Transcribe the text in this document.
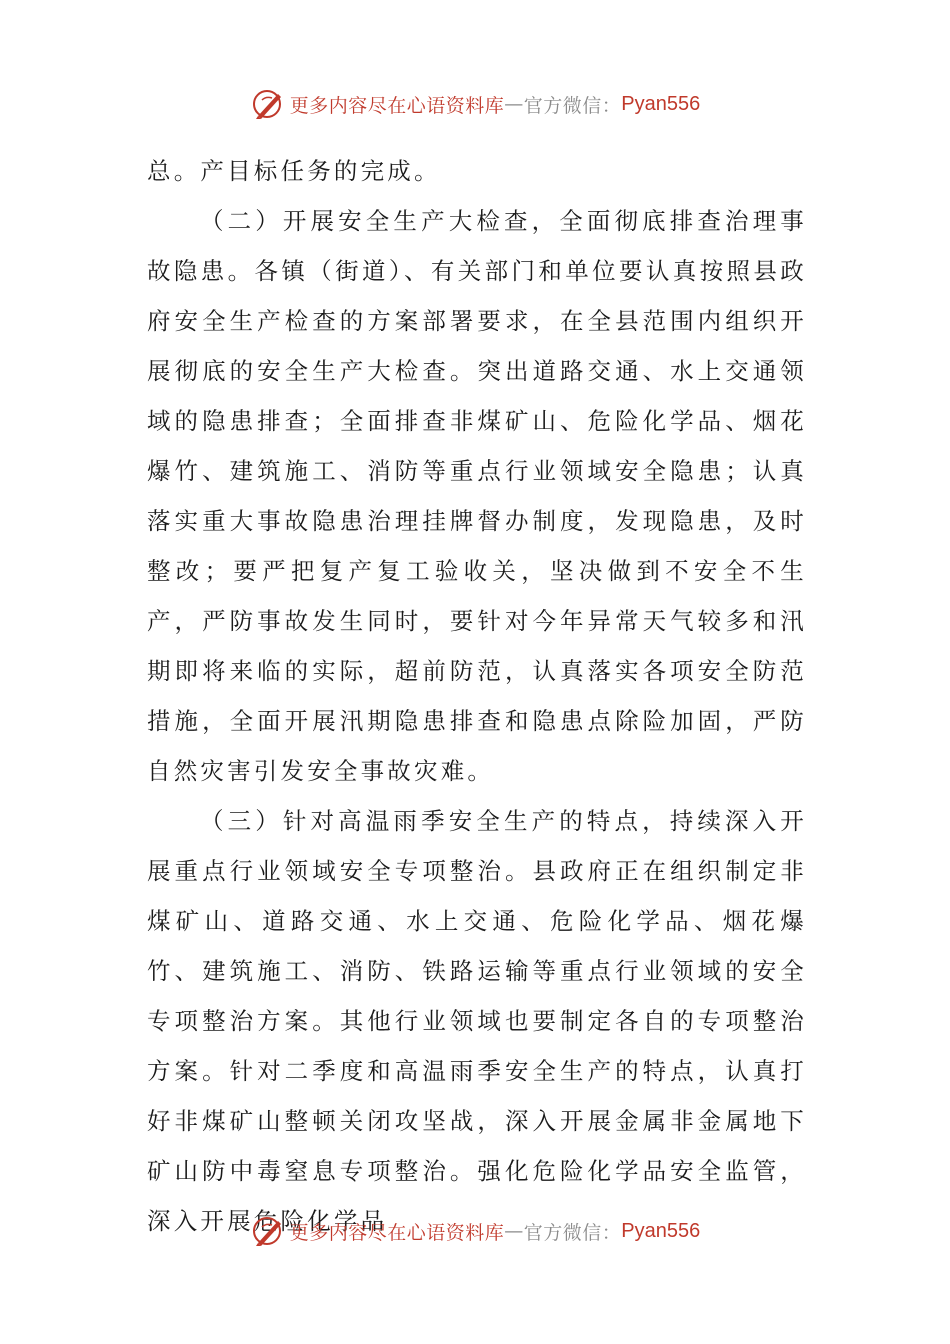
更多内容尽在心语资料库 — 官方微信： Pyan556

总。产目标任务的完成。

（二）开展安全生产大检查，全面彻底排查治理事故隐患。各镇（街道）、有关部门和单位要认真按照县政府安全生产检查的方案部署要求，在全县范围内组织开展彻底的安全生产大检查。突出道路交通、水上交通领域的隐患排查；全面排查非煤矿山、危险化学品、烟花爆竹、建筑施工、消防等重点行业领域安全隐患；认真落实重大事故隐患治理挂牌督办制度，发现隐患，及时整改；要严把复产复工验收关，坚决做到不安全不生产，严防事故发生同时，要针对今年异常天气较多和汛期即将来临的实际，超前防范，认真落实各项安全防范措施，全面开展汛期隐患排查和隐患点除险加固，严防自然灾害引发安全事故灾难。

（三）针对高温雨季安全生产的特点，持续深入开展重点行业领域安全专项整治。县政府正在组织制定非煤矿山、道路交通、水上交通、危险化学品、烟花爆竹、建筑施工、消防、铁路运输等重点行业领域的安全专项整治方案。其他行业领域也要制定各自的专项整治方案。针对二季度和高温雨季安全生产的特点，认真打好非煤矿山整顿关闭攻坚战，深入开展金属非金属地下矿山防中毒窒息专项整治。强化危险化学品安全监管，深入开展危险化学品

更多内容尽在心语资料库 — 官方微信： Pyan556
